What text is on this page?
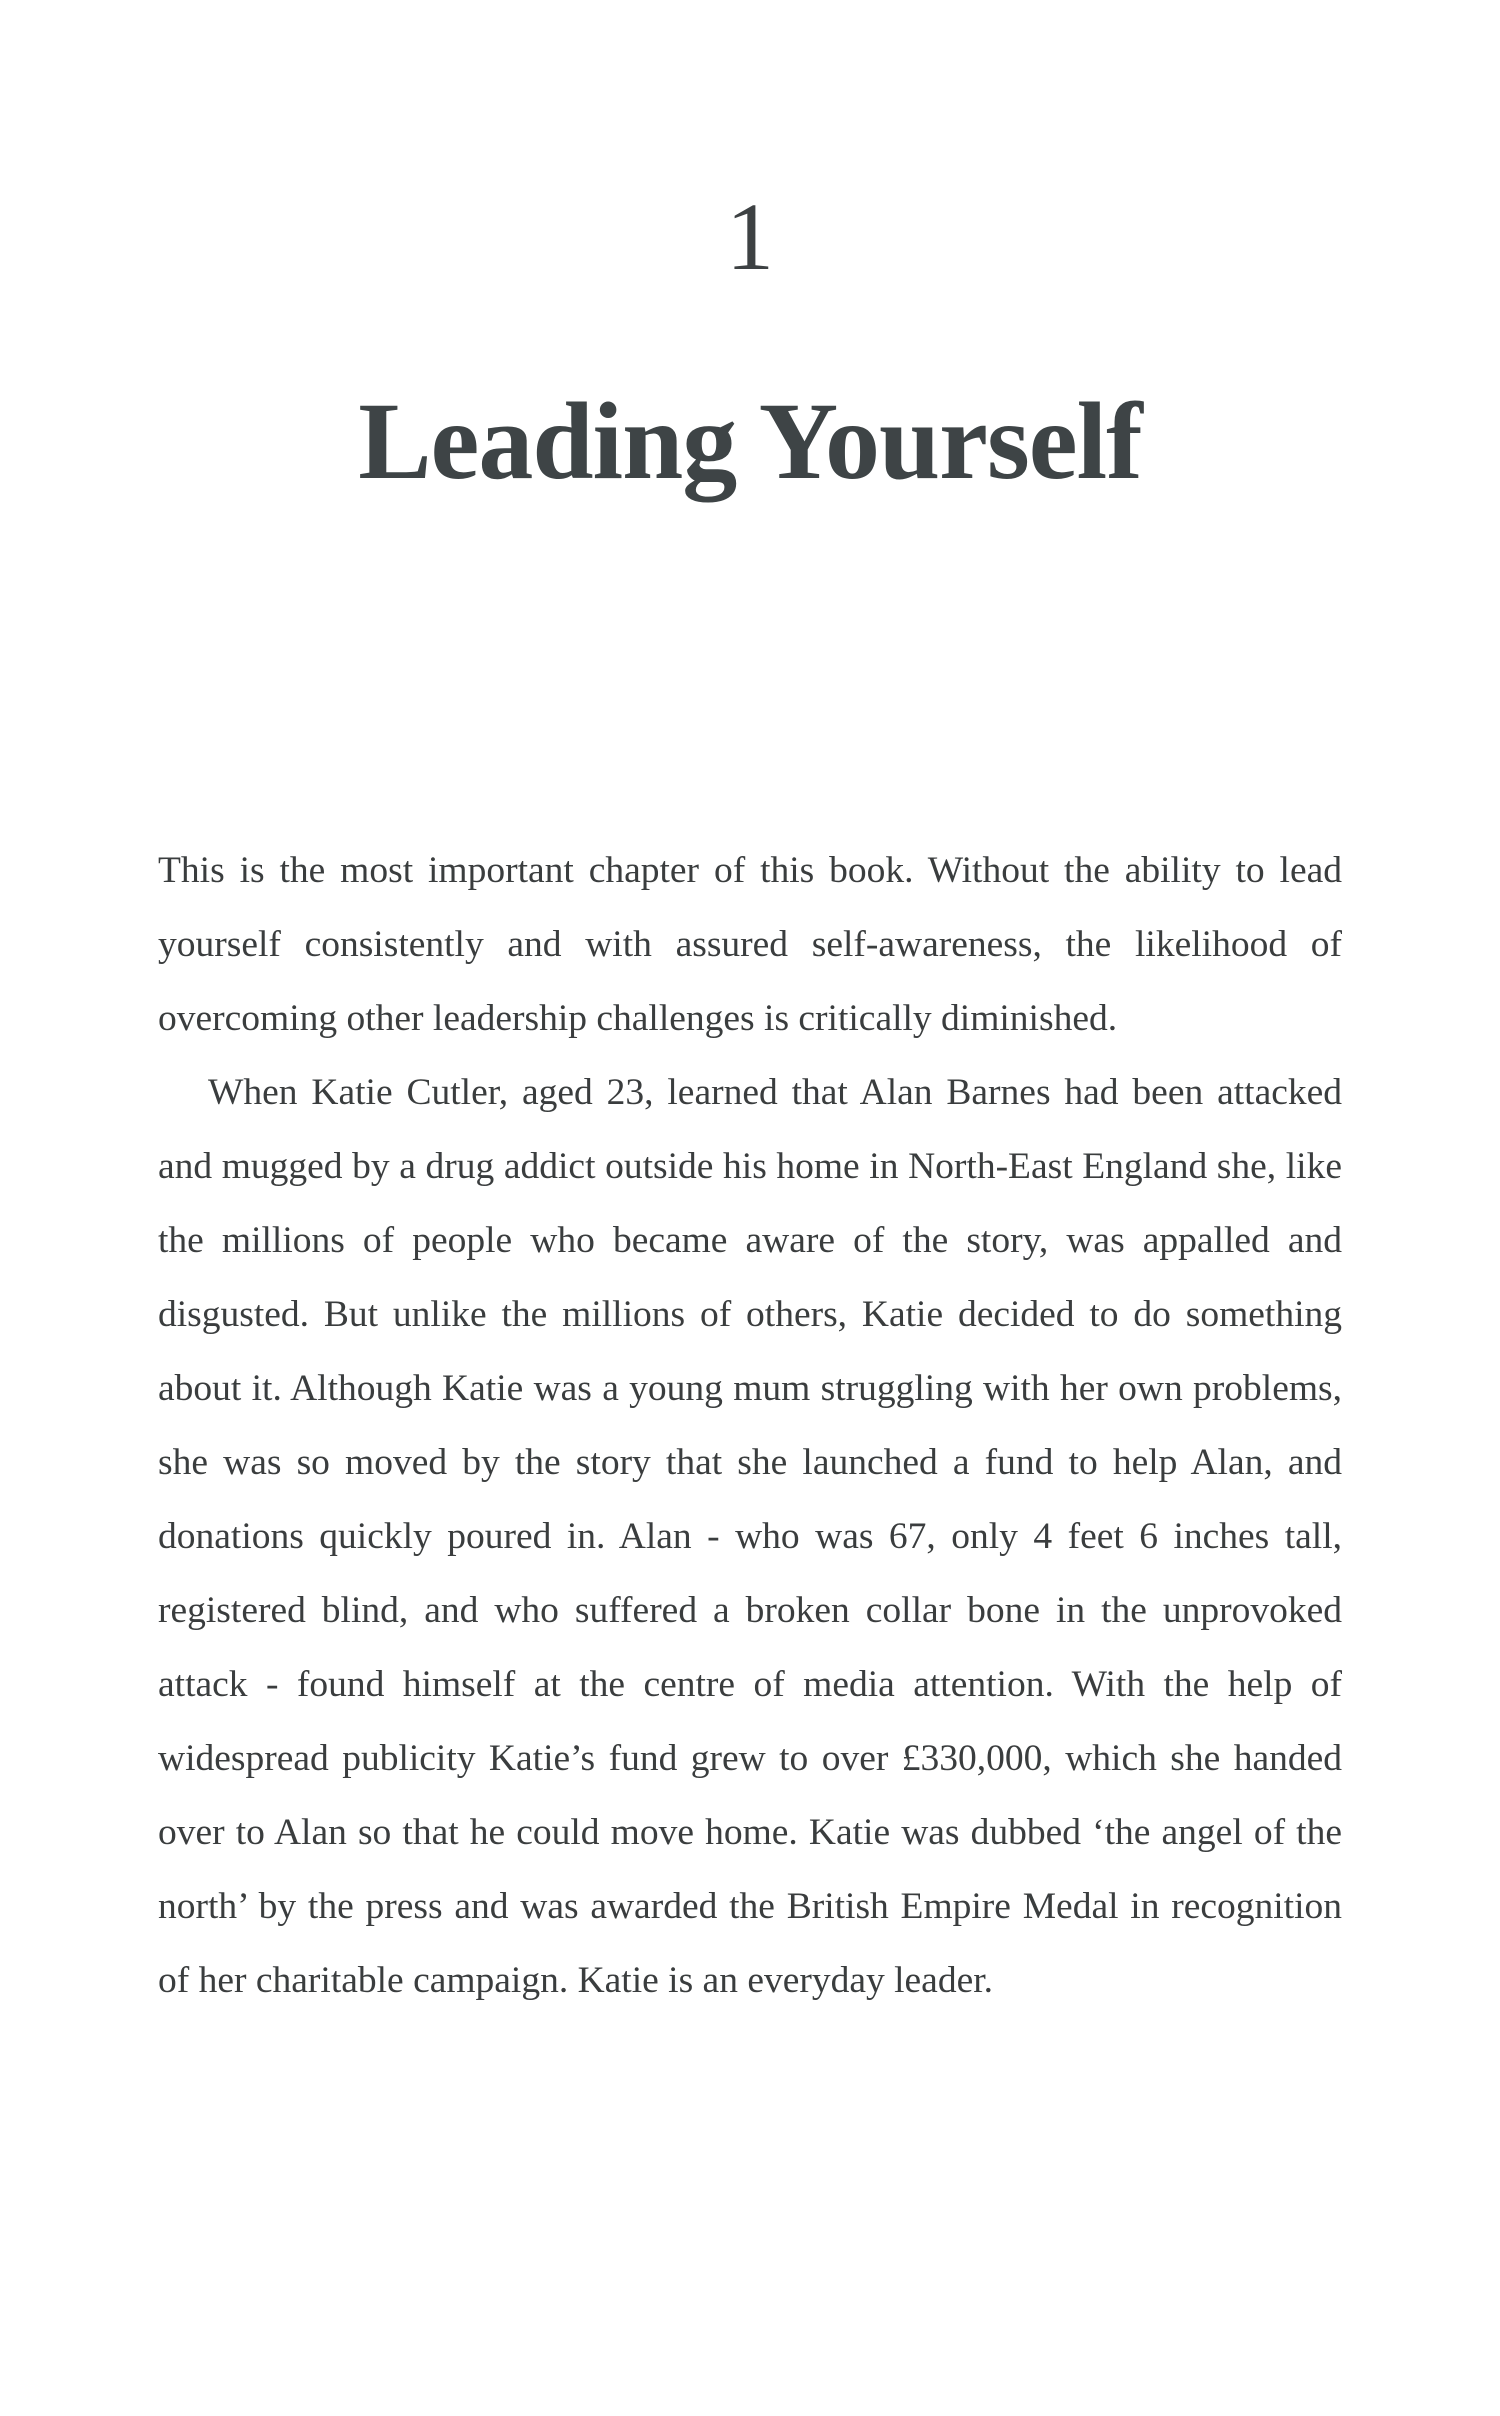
1
Leading Yourself

This is the most important chapter of this book. Without the ability to lead yourself consistently and with assured self-awareness, the likelihood of overcoming other leadership challenges is critically diminished.

When Katie Cutler, aged 23, learned that Alan Barnes had been attacked and mugged by a drug addict outside his home in North-East England she, like the millions of people who became aware of the story, was appalled and disgusted. But unlike the millions of others, Katie decided to do something about it. Although Katie was a young mum struggling with her own problems, she was so moved by the story that she launched a fund to help Alan, and donations quickly poured in. Alan - who was 67, only 4 feet 6 inches tall, registered blind, and who suffered a broken collar bone in the unprovoked attack - found himself at the centre of media attention. With the help of widespread publicity Katie’s fund grew to over £330,000, which she handed over to Alan so that he could move home. Katie was dubbed ‘the angel of the north’ by the press and was awarded the British Empire Medal in recognition of her charitable campaign. Katie is an everyday leader.
